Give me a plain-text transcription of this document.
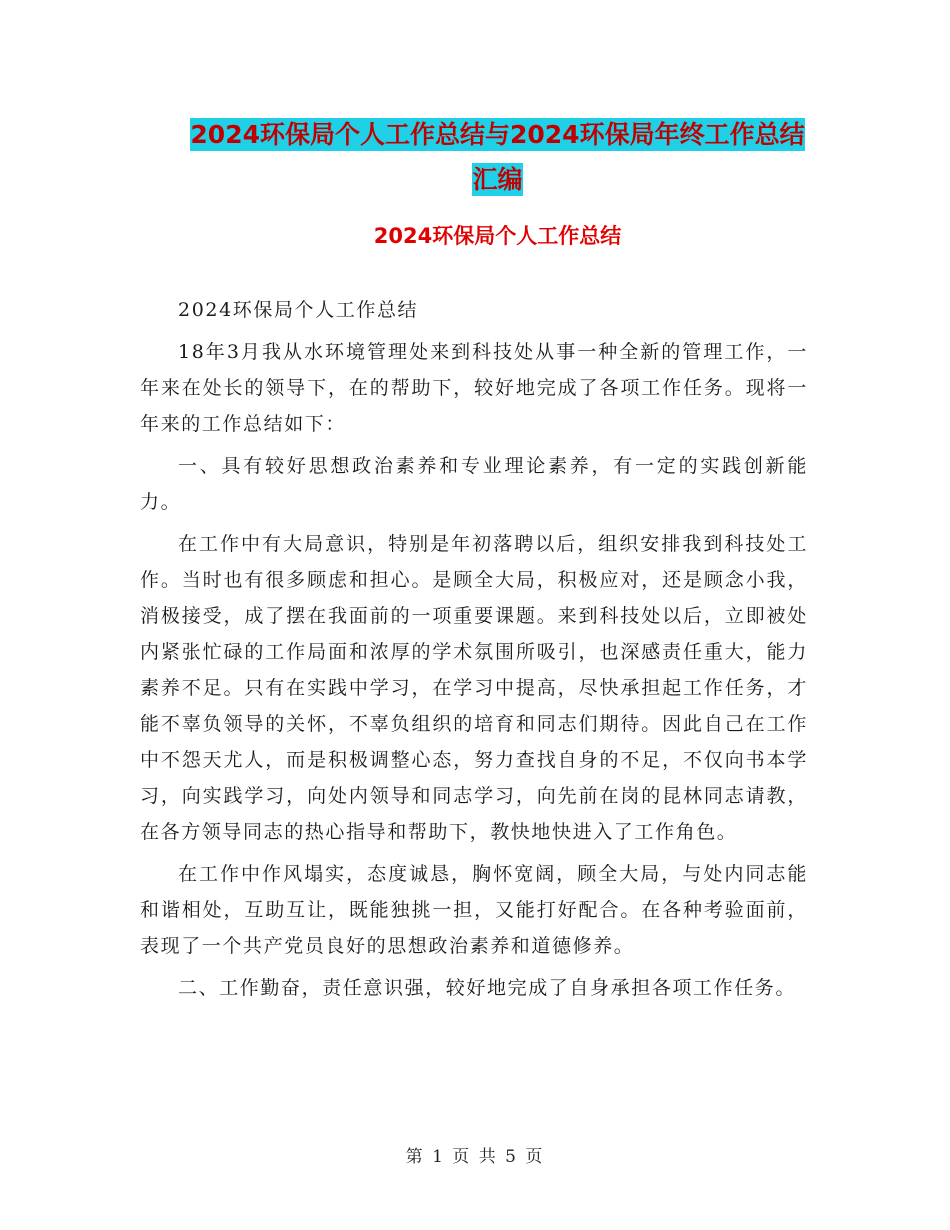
2024环保局个人工作总结与2024环保局年终工作总结
汇编
2024环保局个人工作总结

2024环保局个人工作总结

18年3月我从水环境管理处来到科技处从事一种全新的管理工作，一年来在处长的领导下，在的帮助下，较好地完成了各项工作任务。现将一年来的工作总结如下：

一、具有较好思想政治素养和专业理论素养，有一定的实践创新能力。

在工作中有大局意识，特别是年初落聘以后，组织安排我到科技处工作。当时也有很多顾虑和担心。是顾全大局，积极应对，还是顾念小我，消极接受，成了摆在我面前的一项重要课题。来到科技处以后，立即被处内紧张忙碌的工作局面和浓厚的学术氛围所吸引，也深感责任重大，能力素养不足。只有在实践中学习，在学习中提高，尽快承担起工作任务，才能不辜负领导的关怀，不辜负组织的培育和同志们期待。因此自己在工作中不怨天尤人，而是积极调整心态，努力查找自身的不足，不仅向书本学习，向实践学习，向处内领导和同志学习，向先前在岗的昆林同志请教，在各方领导同志的热心指导和帮助下，教快地快进入了工作角色。

在工作中作风塌实，态度诚恳，胸怀宽阔，顾全大局，与处内同志能和谐相处，互助互让，既能独挑一担，又能打好配合。在各种考验面前，表现了一个共产党员良好的思想政治素养和道德修养。

二、工作勤奋，责任意识强，较好地完成了自身承担各项工作任务。

第 1 页 共 5 页
